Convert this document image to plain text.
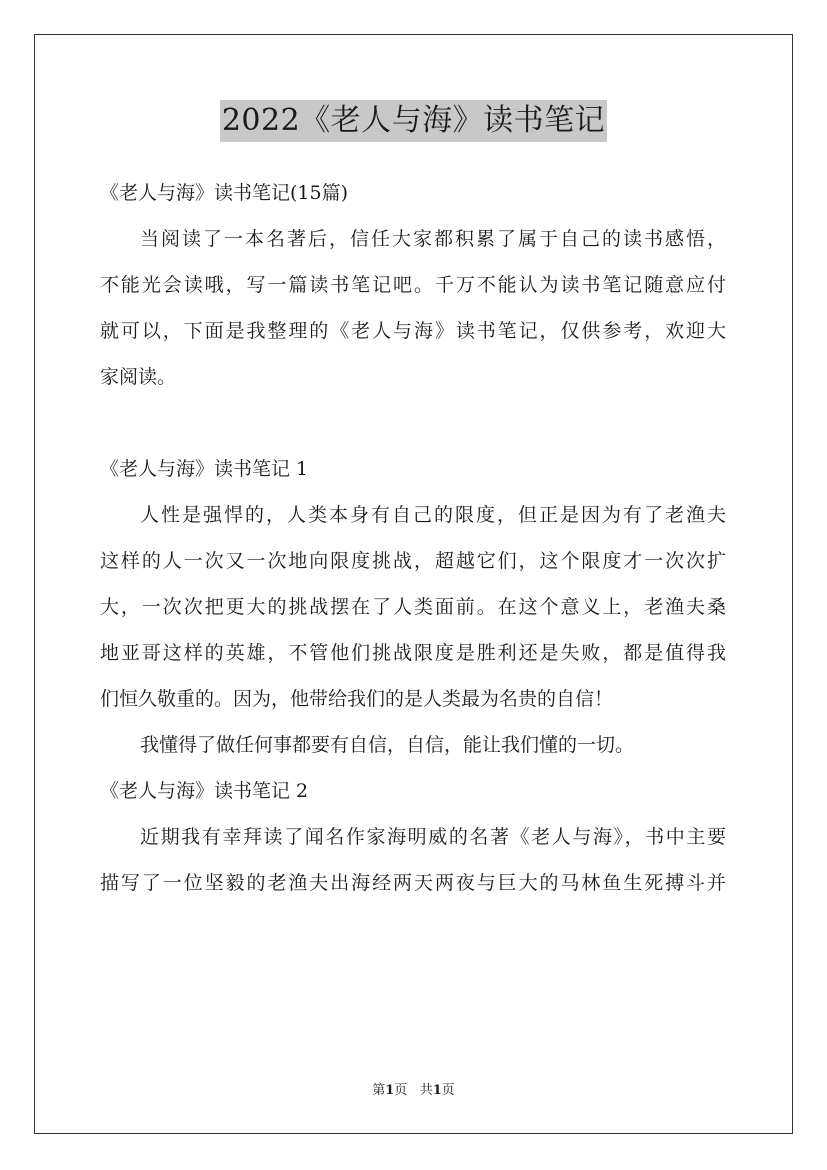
2022《老人与海》读书笔记
《老人与海》读书笔记(15篇)
当阅读了一本名著后，信任大家都积累了属于自己的读书感悟，
不能光会读哦，写一篇读书笔记吧。千万不能认为读书笔记随意应付
就可以，下面是我整理的《老人与海》读书笔记，仅供参考，欢迎大
家阅读。
《老人与海》读书笔记 1
人性是强悍的，人类本身有自己的限度，但正是因为有了老渔夫
这样的人一次又一次地向限度挑战，超越它们，这个限度才一次次扩
大，一次次把更大的挑战摆在了人类面前。在这个意义上，老渔夫桑
地亚哥这样的英雄，不管他们挑战限度是胜利还是失败，都是值得我
们恒久敬重的。因为，他带给我们的是人类最为名贵的自信！
我懂得了做任何事都要有自信，自信，能让我们懂的一切。
《老人与海》读书笔记 2
近期我有幸拜读了闻名作家海明威的名著《老人与海》，书中主要
描写了一位坚毅的老渔夫出海经两天两夜与巨大的马林鱼生死搏斗并
第1页 共1页
